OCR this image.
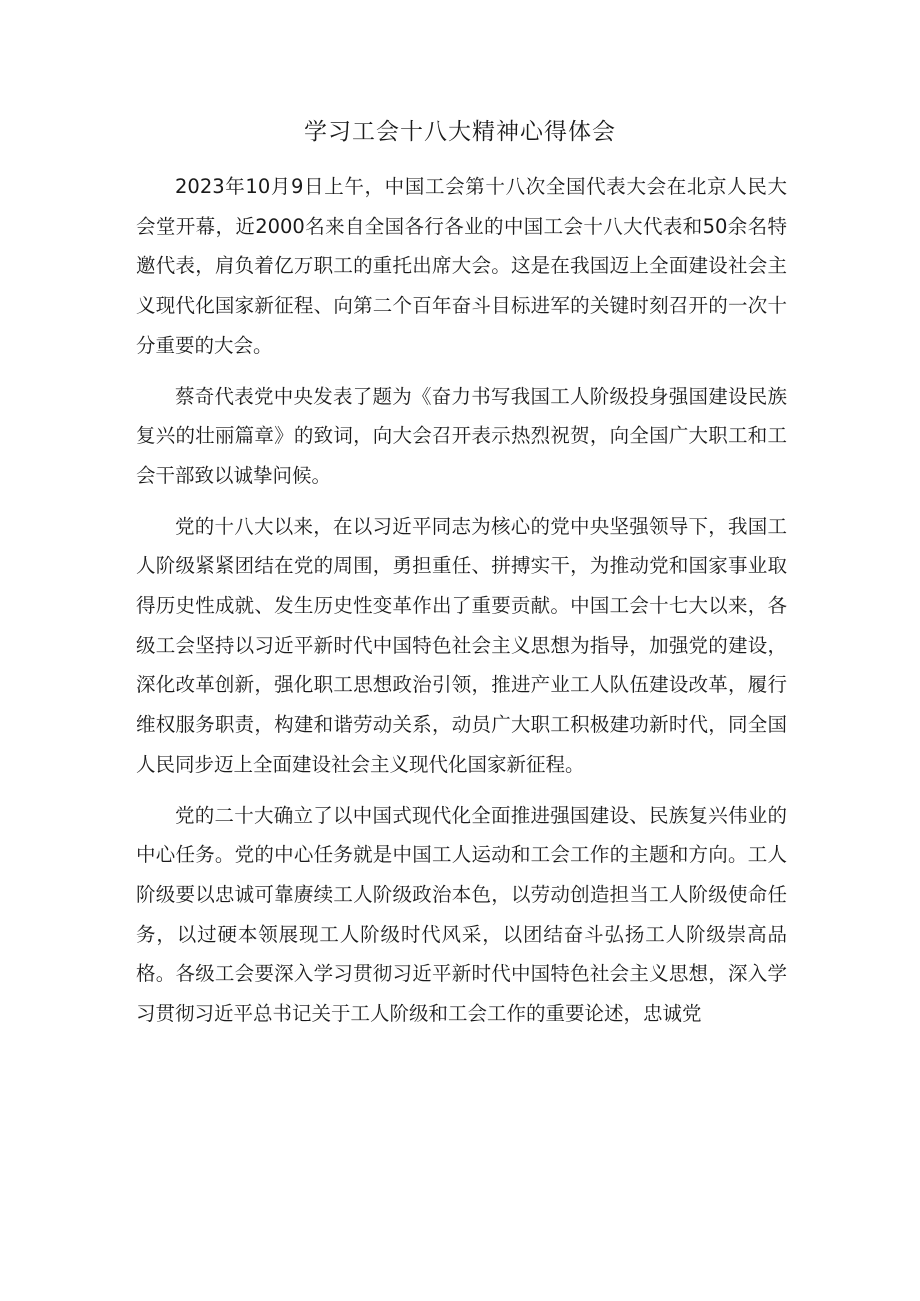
学习工会十八大精神心得体会

2023年10月9日上午，中国工会第十八次全国代表大会在北京人民大会堂开幕，近2000名来自全国各行各业的中国工会十八大代表和50余名特邀代表，肩负着亿万职工的重托出席大会。这是在我国迈上全面建设社会主义现代化国家新征程、向第二个百年奋斗目标进军的关键时刻召开的一次十分重要的大会。

蔡奇代表党中央发表了题为《奋力书写我国工人阶级投身强国建设民族复兴的壮丽篇章》的致词，向大会召开表示热烈祝贺，向全国广大职工和工会干部致以诚挚问候。

党的十八大以来，在以习近平同志为核心的党中央坚强领导下，我国工人阶级紧紧团结在党的周围，勇担重任、拼搏实干，为推动党和国家事业取得历史性成就、发生历史性变革作出了重要贡献。中国工会十七大以来，各级工会坚持以习近平新时代中国特色社会主义思想为指导，加强党的建设，深化改革创新，强化职工思想政治引领，推进产业工人队伍建设改革，履行维权服务职责，构建和谐劳动关系，动员广大职工积极建功新时代，同全国人民同步迈上全面建设社会主义现代化国家新征程。

党的二十大确立了以中国式现代化全面推进强国建设、民族复兴伟业的中心任务。党的中心任务就是中国工人运动和工会工作的主题和方向。工人阶级要以忠诚可靠赓续工人阶级政治本色，以劳动创造担当工人阶级使命任务，以过硬本领展现工人阶级时代风采，以团结奋斗弘扬工人阶级崇高品格。各级工会要深入学习贯彻习近平新时代中国特色社会主义思想，深入学习贯彻习近平总书记关于工人阶级和工会工作的重要论述，忠诚党
